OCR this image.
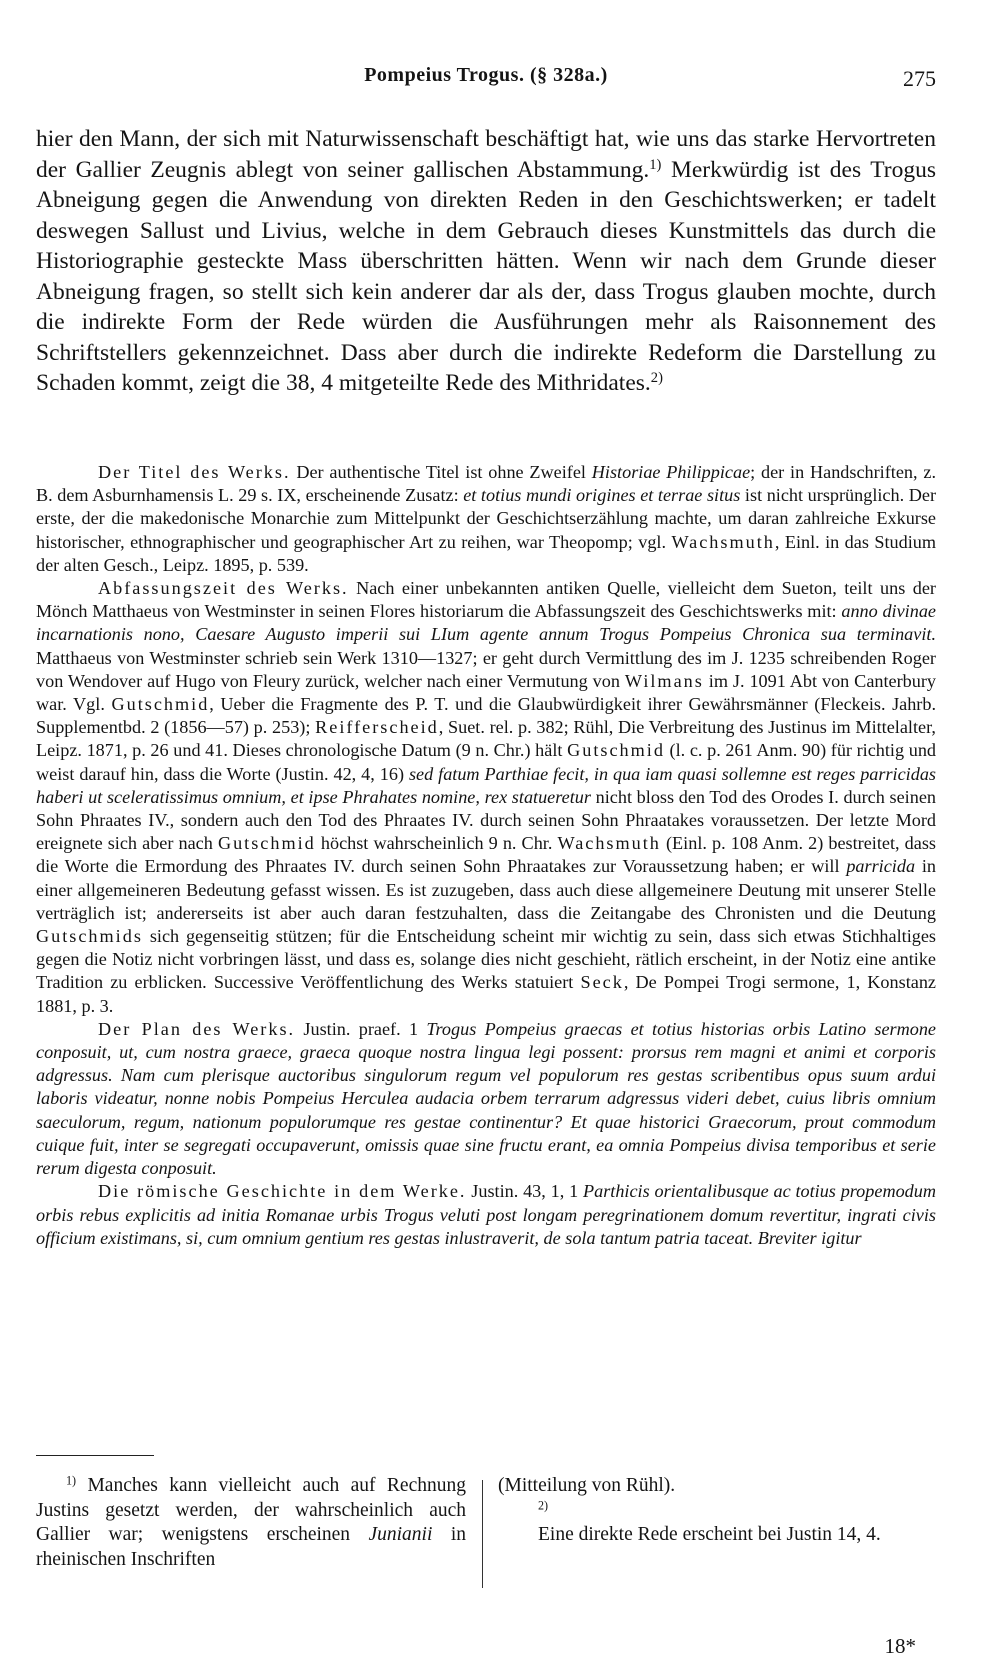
Pompeius Trogus. (§ 328a.)	275

hier den Mann, der sich mit Naturwissenschaft beschäftigt hat, wie uns das starke Hervortreten der Gallier Zeugnis ablegt von seiner gallischen Abstammung.$^{1)}$ Merkwürdig ist des Trogus Abneigung gegen die Anwendung von direkten Reden in den Geschichtswerken; er tadelt deswegen Sallust und Livius, welche in dem Gebrauch dieses Kunstmittels das durch die Historiographie gesteckte Mass überschritten hätten. Wenn wir nach dem Grunde dieser Abneigung fragen, so stellt sich kein anderer dar als der, dass Trogus glauben mochte, durch die indirekte Form der Rede würden die Ausführungen mehr als Raisonnement des Schriftstellers gekennzeichnet. Dass aber durch die indirekte Redeform die Darstellung zu Schaden kommt, zeigt die 38, 4 mitgeteilte Rede des Mithridates.$^{2)}$

Der Titel des Werks. Der authentische Titel ist ohne Zweifel Historiae Philippicae; der in Handschriften, z. B. dem Asburnhamensis L. 29 s. IX, erscheinende Zusatz: et totius mundi origines et terrae situs ist nicht ursprünglich. Der erste, der die makedonische Monarchie zum Mittelpunkt der Geschichtserzählung machte, um daran zahlreiche Exkurse historischer, ethnographischer und geographischer Art zu reihen, war Theopomp; vgl. Wachsmuth, Einl. in das Studium der alten Gesch., Leipz. 1895, p. 539.

Abfassungszeit des Werks. Nach einer unbekannten antiken Quelle, vielleicht dem Sueton, teilt uns der Mönch Matthaeus von Westminster in seinen Flores historiarum die Abfassungszeit des Geschichtswerks mit: anno divinae incarnationis nono, Caesare Augusto imperii sui LIum agente annum Trogus Pompeius Chronica sua terminavit. Matthaeus von Westminster schrieb sein Werk 1310—1327; er geht durch Vermittlung des im J. 1235 schreibenden Roger von Wendover auf Hugo von Fleury zurück, welcher nach einer Vermutung von Wilmans im J. 1091 Abt von Canterbury war. Vgl. Gutschmid, Ueber die Fragmente des P. T. und die Glaubwürdigkeit ihrer Gewährsmänner (Fleckeis. Jahrb. Supplementbd. 2 (1856—57) p. 253); Reifferscheid, Suet. rel. p. 382; Rühl, Die Verbreitung des Justinus im Mittelalter, Leipz. 1871, p. 26 und 41. Dieses chronologische Datum (9 n. Chr.) hält Gutschmid (l. c. p. 261 Anm. 90) für richtig und weist darauf hin, dass die Worte (Justin. 42, 4, 16) sed fatum Parthiae fecit, in qua iam quasi sollemne est reges parricidas haberi ut sceleratissimus omnium, et ipse Phrahates nomine, rex statueretur nicht bloss den Tod des Orodes I. durch seinen Sohn Phraates IV., sondern auch den Tod des Phraates IV. durch seinen Sohn Phraatakes voraussetzen. Der letzte Mord ereignete sich aber nach Gutschmid höchst wahrscheinlich 9 n. Chr. Wachsmuth (Einl. p. 108 Anm. 2) bestreitet, dass die Worte die Ermordung des Phraates IV. durch seinen Sohn Phraatakes zur Voraussetzung haben; er will parricida in einer allgemeineren Bedeutung gefasst wissen. Es ist zuzugeben, dass auch diese allgemeinere Deutung mit unserer Stelle verträglich ist; andererseits ist aber auch daran festzuhalten, dass die Zeitangabe des Chronisten und die Deutung Gutschmids sich gegenseitig stützen; für die Entscheidung scheint mir wichtig zu sein, dass sich etwas Stichhaltiges gegen die Notiz nicht vorbringen lässt, und dass es, solange dies nicht geschieht, rätlich erscheint, in der Notiz eine antike Tradition zu erblicken. Successive Veröffentlichung des Werks statuiert Seck, De Pompei Trogi sermone, 1, Konstanz 1881, p. 3.

Der Plan des Werks. Justin. praef. 1 Trogus Pompeius graecas et totius historias orbis Latino sermone conposuit, ut, cum nostra graece, graeca quoque nostra lingua legi possent: prorsus rem magni et animi et corporis adgressus. Nam cum plerisque auctoribus singulorum regum vel populorum res gestas scribentibus opus suum ardui laboris videatur, nonne nobis Pompeius Herculea audacia orbem terrarum adgressus videri debet, cuius libris omnium saeculorum, regum, nationum populorumque res gestae continentur? Et quae historici Graecorum, prout commodum cuique fuit, inter se segregati occupaverunt, omissis quae sine fructu erant, ea omnia Pompeius divisa temporibus et serie rerum digesta conposuit.

Die römische Geschichte in dem Werke. Justin. 43, 1, 1 Parthicis orientalibusque ac totius propemodum orbis rebus explicitis ad initia Romanae urbis Trogus veluti post longam peregrinationem domum revertitur, ingrati civis officium existimans, si, cum omnium gentium res gestas inlustraverit, de sola tantum patria taceat. Breviter igitur

$^{1)}$ Manches kann vielleicht auch auf Rechnung Justins gesetzt werden, der wahrscheinlich auch Gallier war; wenigstens erscheinen Junianii in rheinischen Inschriften

(Mitteilung von Rühl).
$^{2)}$
Eine direkte Rede erscheint bei Justin 14, 4.

18*
